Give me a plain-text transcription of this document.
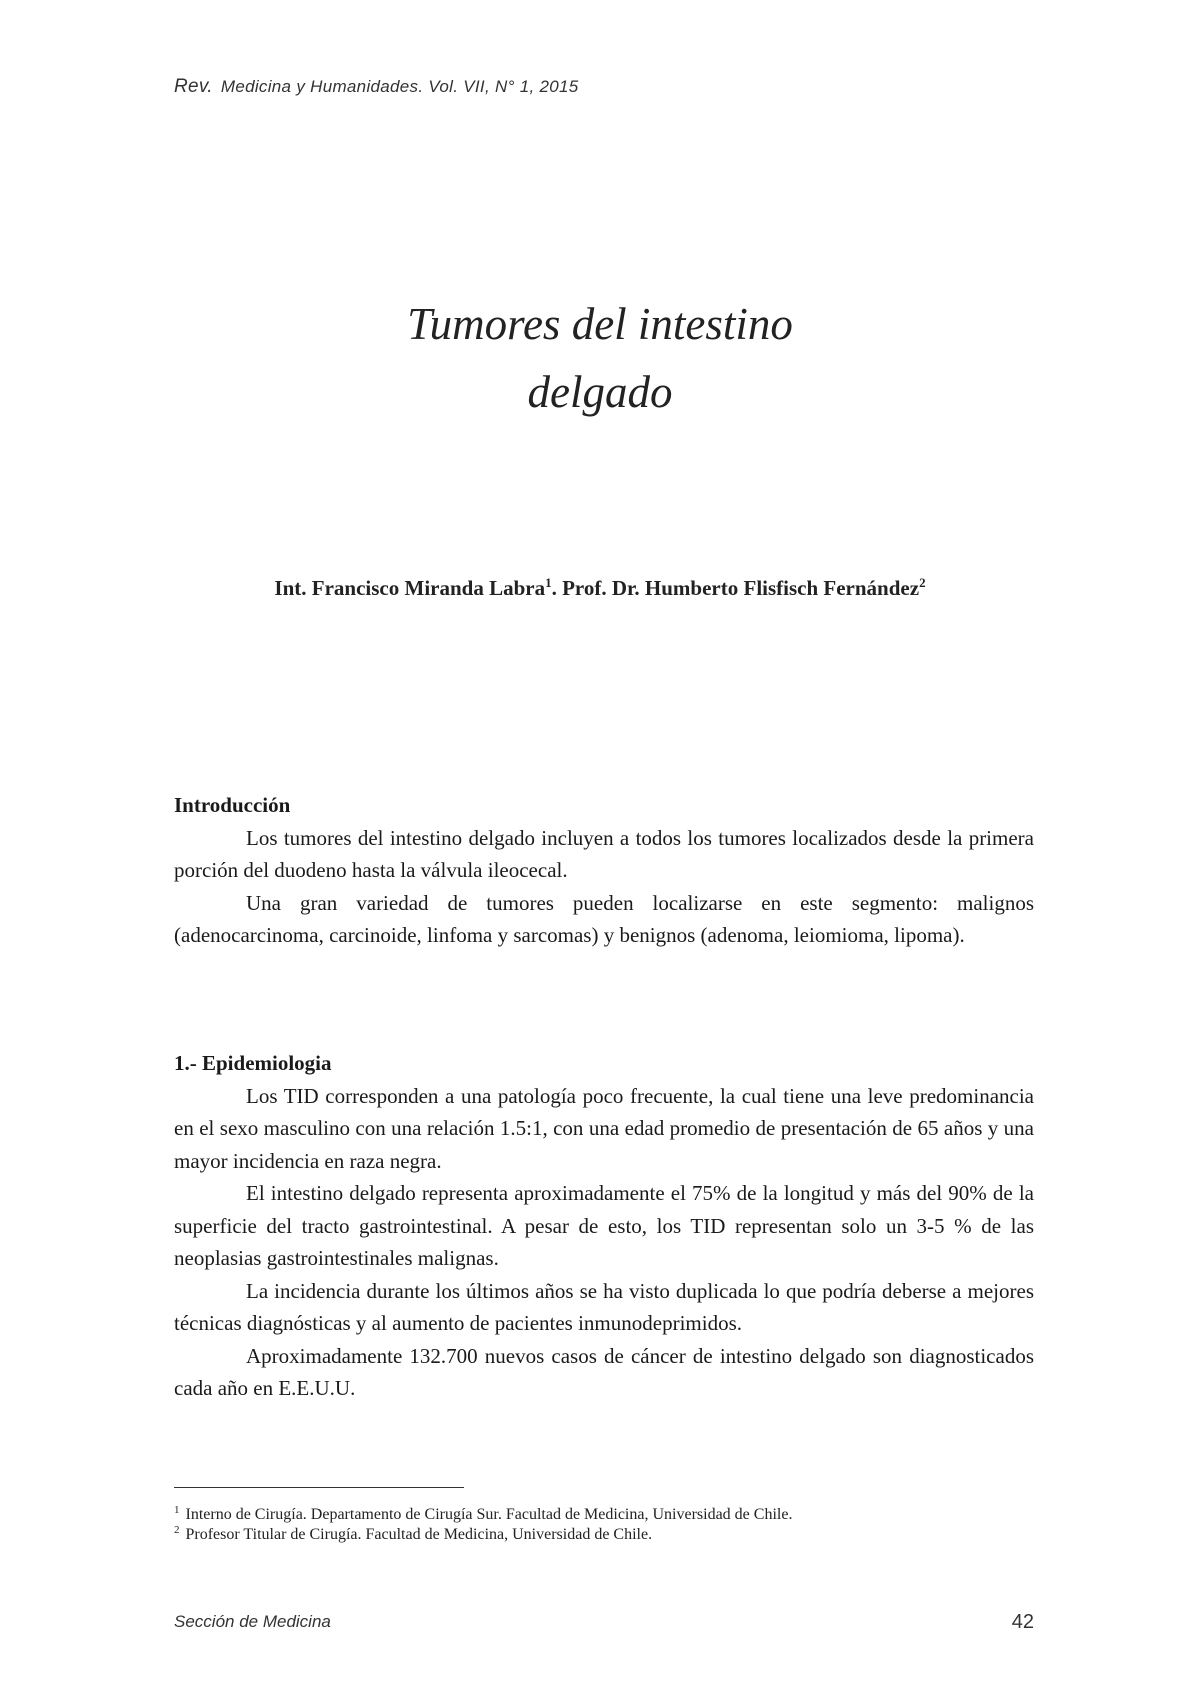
Rev. Medicina y Humanidades. Vol. VII, N° 1, 2015
Tumores del intestino
delgado
Int. Francisco Miranda Labra$^1$. Prof. Dr. Humberto Flisfisch Fernández$^2$
Introducción

Los tumores del intestino delgado incluyen a todos los tumores localizados desde la primera porción del duodeno hasta la válvula ileocecal.

Una gran variedad de tumores pueden localizarse en este segmento: malignos (adenocarcinoma, carcinoide, linfoma y sarcomas) y benignos (adenoma, leiomioma, lipoma).

1.- Epidemiologia

Los TID corresponden a una patología poco frecuente, la cual tiene una leve predominancia en el sexo masculino con una relación 1.5:1, con una edad promedio de presentación de 65 años y una mayor incidencia en raza negra.

El intestino delgado representa aproximadamente el 75% de la longitud y más del 90% de la superficie del tracto gastrointestinal. A pesar de esto, los TID representan solo un 3-5 % de las neoplasias gastrointestinales malignas.

La incidencia durante los últimos años se ha visto duplicada lo que podría deberse a mejores técnicas diagnósticas y al aumento de pacientes inmunodeprimidos.

Aproximadamente 132.700 nuevos casos de cáncer de intestino delgado son diagnosticados cada año en E.E.U.U.

$^1$ Interno de Cirugía. Departamento de Cirugía Sur. Facultad de Medicina, Universidad de Chile.

$^2$ Profesor Titular de Cirugía. Facultad de Medicina, Universidad de Chile.

Sección de Medicina	42
